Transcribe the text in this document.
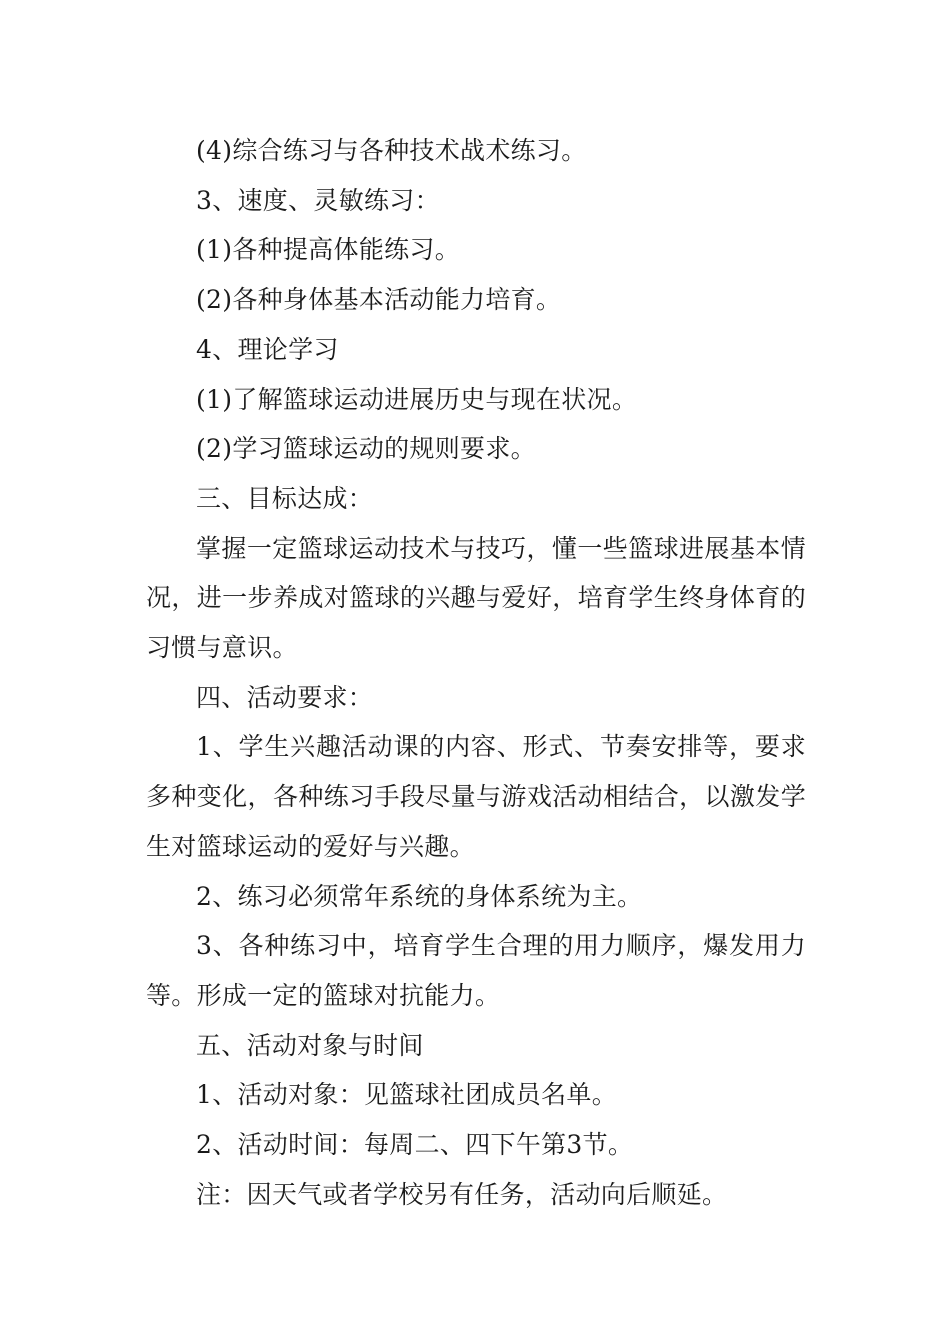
(4)综合练习与各种技术战术练习。

3、速度、灵敏练习：

(1)各种提高体能练习。

(2)各种身体基本活动能力培育。

4、理论学习

(1)了解篮球运动进展历史与现在状况。

(2)学习篮球运动的规则要求。

三、目标达成：

掌握一定篮球运动技术与技巧，懂一些篮球进展基本情况，进一步养成对篮球的兴趣与爱好，培育学生终身体育的习惯与意识。

四、活动要求：

1、学生兴趣活动课的内容、形式、节奏安排等，要求多种变化，各种练习手段尽量与游戏活动相结合，以激发学生对篮球运动的爱好与兴趣。

2、练习必须常年系统的身体系统为主。

3、各种练习中，培育学生合理的用力顺序，爆发用力等。形成一定的篮球对抗能力。

五、活动对象与时间

1、活动对象：见篮球社团成员名单。

2、活动时间：每周二、四下午第3节。

注：因天气或者学校另有任务，活动向后顺延。
